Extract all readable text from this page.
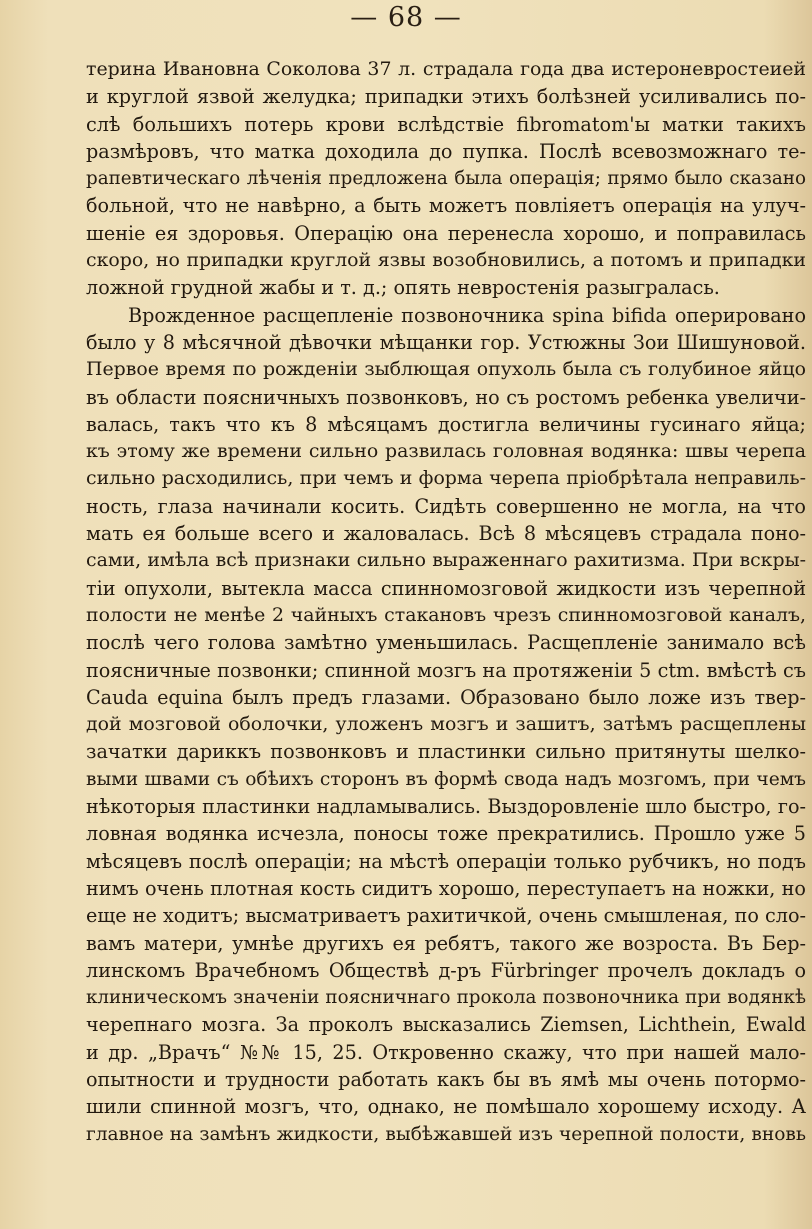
— 68 —
терина Ивановна Соколова 37 л. страдала года два истероневростеией
и круглой язвой желудка; припадки этихъ болѣзней усиливались по-
слѣ большихъ потерь крови вслѣдствіе fibromatom'ы матки такихъ
размѣровъ, что матка доходила до пупка. Послѣ всевозможнаго те-
рапевтическаго лѣченія предложена была операція; прямо было сказано
больной, что не навѣрно, а быть можетъ повліяетъ операція на улуч-
шеніе ея здоровья. Операцію она перенесла хорошо, и поправилась
скоро, но припадки круглой язвы возобновились, а потомъ и припадки
ложной грудной жабы и т. д.; опять невростенія разыгралась.
Врожденное расщепленіе позвоночника spina bifida оперировано
было у 8 мѣсячной дѣвочки мѣщанки гор. Устюжны Зои Шишуновой.
Первое время по рожденіи зыблющая опухоль была съ голубиное яйцо
въ области поясничныхъ позвонковъ, но съ ростомъ ребенка увеличи-
валась, такъ что къ 8 мѣсяцамъ достигла величины гусинаго яйца;
къ этому же времени сильно развилась головная водянка: швы черепа
сильно расходились, при чемъ и форма черепа пріобрѣтала неправиль-
ность, глаза начинали косить. Сидѣть совершенно не могла, на что
мать ея больше всего и жаловалась. Всѣ 8 мѣсяцевъ страдала поно-
сами, имѣла всѣ признаки сильно выраженнаго рахитизма. При вскры-
тіи опухоли, вытекла масса спинномозговой жидкости изъ черепной
полости не менѣе 2 чайныхъ стакановъ чрезъ спинномозговой каналъ,
послѣ чего голова замѣтно уменьшилась. Расщепленіе занимало всѣ
поясничные позвонки; спинной мозгъ на протяженіи 5 ctm. вмѣстѣ съ
Cauda equina былъ предъ глазами. Образовано было ложе изъ твер-
дой мозговой оболочки, уложенъ мозгъ и зашитъ, затѣмъ расщеплены
зачатки дариккъ позвонковъ и пластинки сильно притянуты шелко-
выми швами съ обѣихъ сторонъ въ формѣ свода надъ мозгомъ, при чемъ
нѣкоторыя пластинки надламывались. Выздоровленіе шло быстро, го-
ловная водянка исчезла, поносы тоже прекратились. Прошло уже 5
мѣсяцевъ послѣ операціи; на мѣстѣ операціи только рубчикъ, но подъ
нимъ очень плотная кость сидитъ хорошо, переступаетъ на ножки, но
еще не ходитъ; высматриваетъ рахитичкой, очень смышленая, по сло-
вамъ матери, умнѣе другихъ ея ребятъ, такого же возроста. Въ Бер-
линскомъ Врачебномъ Обществѣ д-ръ Fürbringer прочелъ докладъ о
клиническомъ значеніи поясничнаго прокола позвоночника при водянкѣ
черепнаго мозга. За проколъ высказались Ziemsen, Lichthein, Ewald
и др. „Врачъ“ №№ 15, 25. Откровенно скажу, что при нашей мало-
опытности и трудности работать какъ бы въ ямѣ мы очень потормо-
шили спинной мозгъ, что, однако, не помѣшало хорошему исходу. А
главное на замѣнъ жидкости, выбѣжавшей изъ черепной полости, вновь
